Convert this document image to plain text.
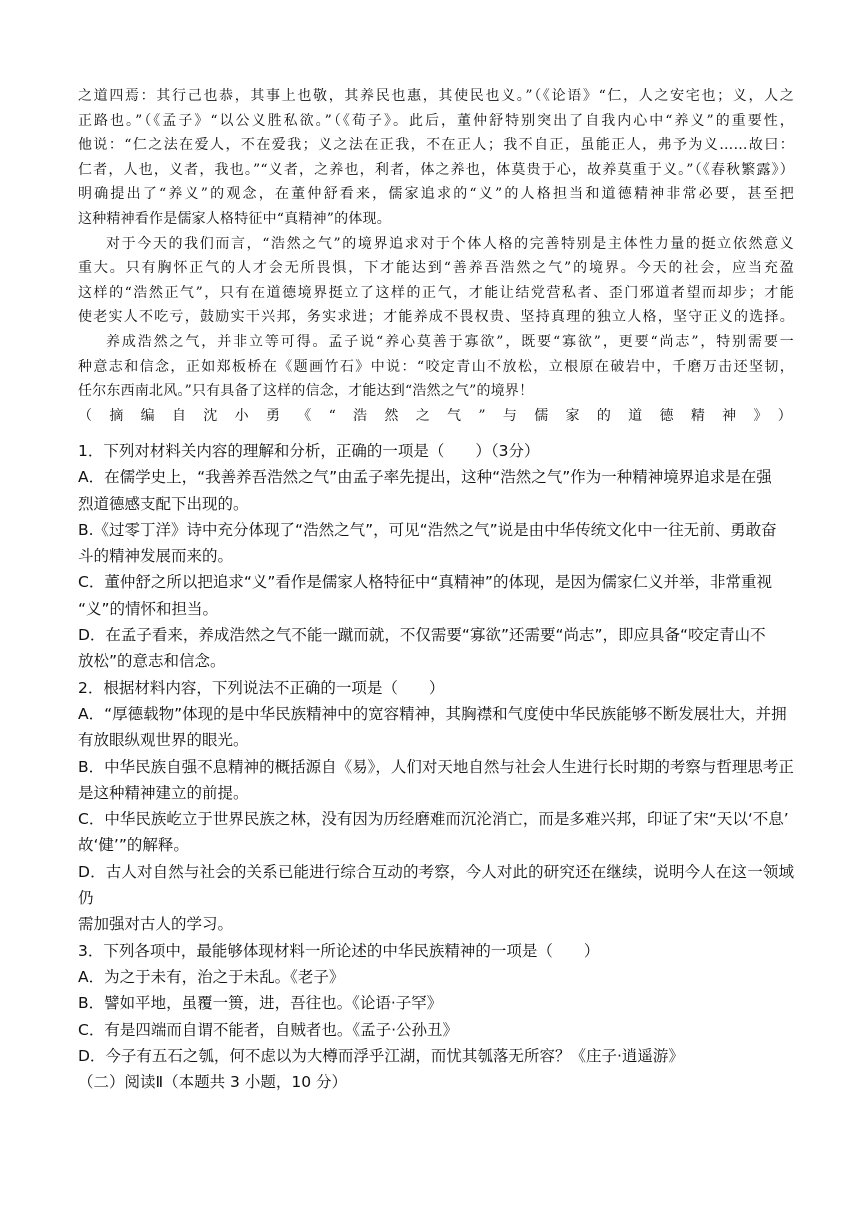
之道四焉：其行己也恭，其事上也敬，其养民也惠，其使民也义。”（《论语》“仁，人之安宅也；义，人之

正路也。”（《孟子》“以公义胜私欲。”（《荀子》。此后，董仲舒特别突出了自我内心中“养义”的重要性，

他说：“仁之法在爱人，不在爱我；义之法在正我，不在正人；我不自正，虽能正人，弗予为义……故曰：

仁者，人也，义者，我也。”“义者，之养也，利者，体之养也，体莫贵于心，故养莫重于义。”（《春秋繁露》）

明确提出了“养义”的观念，在董仲舒看来，儒家追求的“义”的人格担当和道德精神非常必要，甚至把

这种精神看作是儒家人格特征中“真精神”的体现。

对于今天的我们而言，“浩然之气”的境界追求对于个体人格的完善特别是主体性力量的挺立依然意义

重大。只有胸怀正气的人才会无所畏惧，下才能达到“善养吾浩然之气”的境界。今天的社会，应当充盈

这样的“浩然正气”，只有在道德境界挺立了这样的正气，才能让结党营私者、歪门邪道者望而却步；才能

使老实人不吃亏，鼓励实干兴邦，务实求进；才能养成不畏权贵、坚持真理的独立人格，坚守正义的选择。

养成浩然之气，并非立等可得。孟子说“养心莫善于寡欲”，既要“寡欲”，更要“尚志”，特别需要一

种意志和信念，正如郑板桥在《题画竹石》中说：“咬定青山不放松，立根原在破岩中，千磨万击还坚韧，

任尔东西南北风。”只有具备了这样的信念，才能达到“浩然之气”的境界！

（摘编自沈小勇《“浩然之气”与儒家的道德精神》）

1．下列对材料关内容的理解和分析，正确的一项是（　　）（3分）
A．在儒学史上，“我善养吾浩然之气”由孟子率先提出，这种“浩然之气”作为一种精神境界追求是在强
烈道德感支配下出现的。
B.《过零丁洋》诗中充分体现了“浩然之气”，可见“浩然之气”说是由中华传统文化中一往无前、勇敢奋
斗的精神发展而来的。
C．董仲舒之所以把追求“义”看作是儒家人格特征中“真精神”的体现，是因为儒家仁义并举，非常重视
“义”的情怀和担当。
D．在孟子看来，养成浩然之气不能一蹴而就，不仅需要“寡欲”还需要“尚志”，即应具备“咬定青山不
放松”的意志和信念。
2．根据材料内容，下列说法不正确的一项是（　　）
A．“厚德载物”体现的是中华民族精神中的宽容精神，其胸襟和气度使中华民族能够不断发展壮大，并拥
有放眼纵观世界的眼光。
B．中华民族自强不息精神的概括源自《易》，人们对天地自然与社会人生进行长时期的考察与哲理思考正
是这种精神建立的前提。
C．中华民族屹立于世界民族之林，没有因为历经磨难而沉沦消亡，而是多难兴邦，印证了宋“天以‘不息’
故‘健’”的解释。
D．古人对自然与社会的关系已能进行综合互动的考察，今人对此的研究还在继续，说明今人在这一领域仍
需加强对古人的学习。
3．下列各项中，最能够体现材料一所论述的中华民族精神的一项是（　　）
A．为之于未有，治之于未乱。《老子》
B．譬如平地，虽覆一篑，进，吾往也。《论语·子罕》
C．有是四端而自谓不能者，自贼者也。《孟子·公孙丑》
D．今子有五石之瓠，何不虑以为大樽而浮乎江湖，而忧其瓠落无所容？《庄子·逍遥游》
（二）阅读Ⅱ（本题共 3 小题，10 分）
